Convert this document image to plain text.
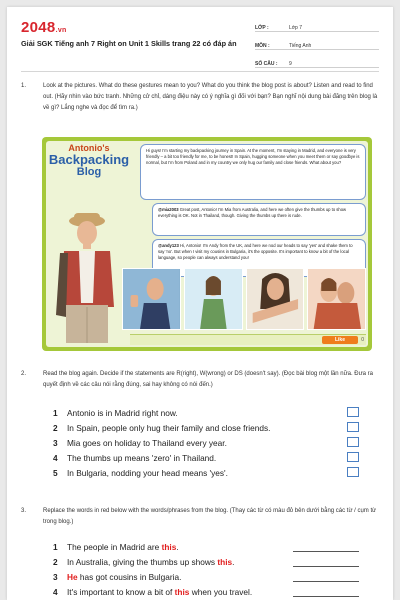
2048.vn
Giải SGK Tiếng anh 7 Right on Unit 1 Skills trang 22 có đáp án
LỚP :	Lớp 7
MÔN :	Tiếng Anh
SỐ CÂU :	9
1.	Look at the pictures. What do these gestures mean to you? What do you think the blog post is about? Listen and read to find out. (Hãy nhìn vào bức tranh. Những cử chỉ, dáng điệu này có ý nghĩa gì đối với bạn? Bạn nghĩ nội dung bài đăng trên blog là về gì? Lắng nghe và đọc để tìm ra.)
Antonio's
Backpacking
Blog
Hi guys! I'm starting my backpacking journey in Spain. At the moment, I'm staying in Madrid, and everyone is very friendly – a bit too friendly for me, to be honest! In Spain, hugging someone when you meet them or say goodbye is normal, but I'm from Poland and in my country we only hug our family and close friends. What about you?
@mia2003 Great post, Antonio! I'm Mia from Australia, and here we often give the thumbs up to show everything is OK. Not in Thailand, though. Giving the thumbs up there is rude.
@andy123 Hi, Antonio! I'm Andy from the UK, and here we nod our heads to say 'yes' and shake them to say 'no'. But when I visit my cousins in Bulgaria, it's the opposite. It's important to know a bit of the local language, so people can always understand you!
Like	0
2.	Read the blog again. Decide if the statements are R(right), W(wrong) or DS (doesn't say). (Đọc bài blog một lần nữa. Đưa ra quyết định về các câu nói rằng đúng, sai hay không có nói đến.)
1	Antonio is in Madrid right now.
2	In Spain, people only hug their family and close friends.
3	Mia goes on holiday to Thailand every year.
4	The thumbs up means 'zero' in Thailand.
5	In Bulgaria, nodding your head means 'yes'.
3.	Replace the words in red below with the words/phrases from the blog. (Thay các từ có màu đỏ bên dưới bằng các từ / cụm từ trong blog.)
1	The people in Madrid are this.
2	In Australia, giving the thumbs up shows this.
3	He has got cousins in Bulgaria.
4	It's important to know a bit of this when you travel.
